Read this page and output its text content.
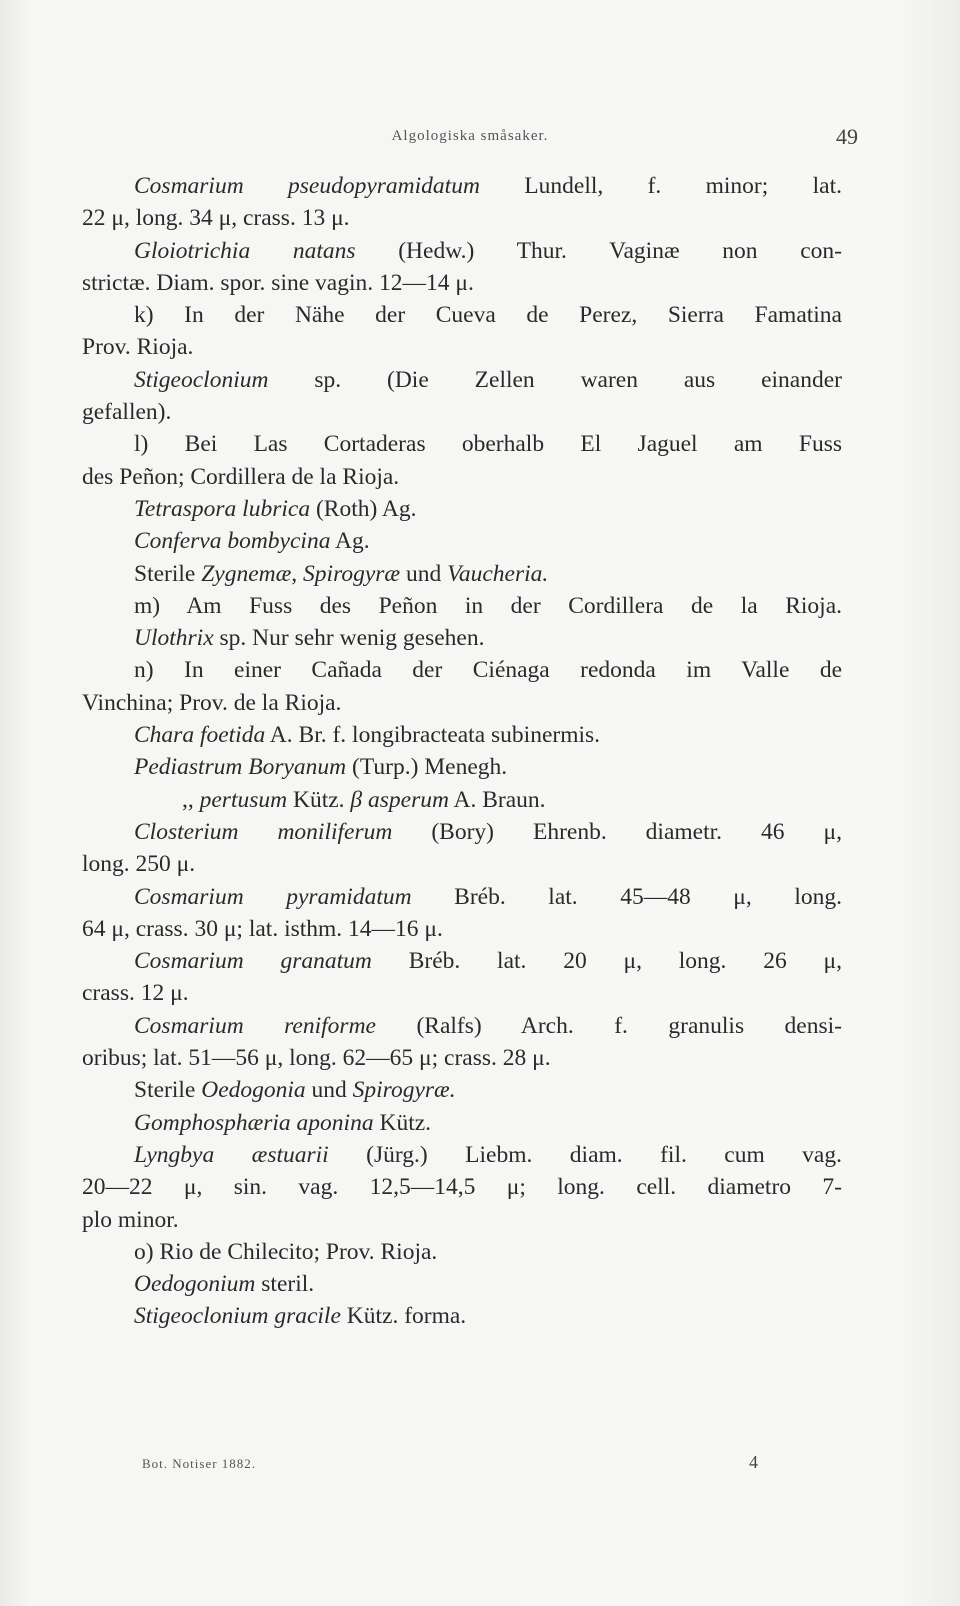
Algologiska småsaker.	49
Cosmarium pseudopyramidatum Lundell, f. minor; lat.
22 μ, long. 34 μ, crass. 13 μ.
Gloiotrichia natans (Hedw.) Thur. Vaginæ non con-
strictæ. Diam. spor. sine vagin. 12—14 μ.
k) In der Nähe der Cueva de Perez, Sierra Famatina
Prov. Rioja.
Stigeoclonium sp. (Die Zellen waren aus einander
gefallen).
l) Bei Las Cortaderas oberhalb El Jaguel am Fuss
des Peñon; Cordillera de la Rioja.
Tetraspora lubrica (Roth) Ag.
Conferva bombycina Ag.
Sterile Zygnemæ, Spirogyræ und Vaucheria.
m) Am Fuss des Peñon in der Cordillera de la Rioja.
Ulothrix sp. Nur sehr wenig gesehen.
n) In einer Cañada der Ciénaga redonda im Valle de
Vinchina; Prov. de la Rioja.
Chara foetida A. Br. f. longibracteata subinermis.
Pediastrum Boryanum (Turp.) Menegh.
,, pertusum Kütz. β asperum A. Braun.
Closterium moniliferum (Bory) Ehrenb. diametr. 46 μ,
long. 250 μ.
Cosmarium pyramidatum Bréb. lat. 45—48 μ, long.
64 μ, crass. 30 μ; lat. isthm. 14—16 μ.
Cosmarium granatum Bréb. lat. 20 μ, long. 26 μ,
crass. 12 μ.
Cosmarium reniforme (Ralfs) Arch. f. granulis densi-
oribus; lat. 51—56 μ, long. 62—65 μ; crass. 28 μ.
Sterile Oedogonia und Spirogyræ.
Gomphosphæria aponina Kütz.
Lyngbya æstuarii (Jürg.) Liebm. diam. fil. cum vag.
20—22 μ, sin. vag. 12,5—14,5 μ; long. cell. diametro 7-
plo minor.
o) Rio de Chilecito; Prov. Rioja.
Oedogonium steril.
Stigeoclonium gracile Kütz. forma.
Bot. Notiser 1882.	4
